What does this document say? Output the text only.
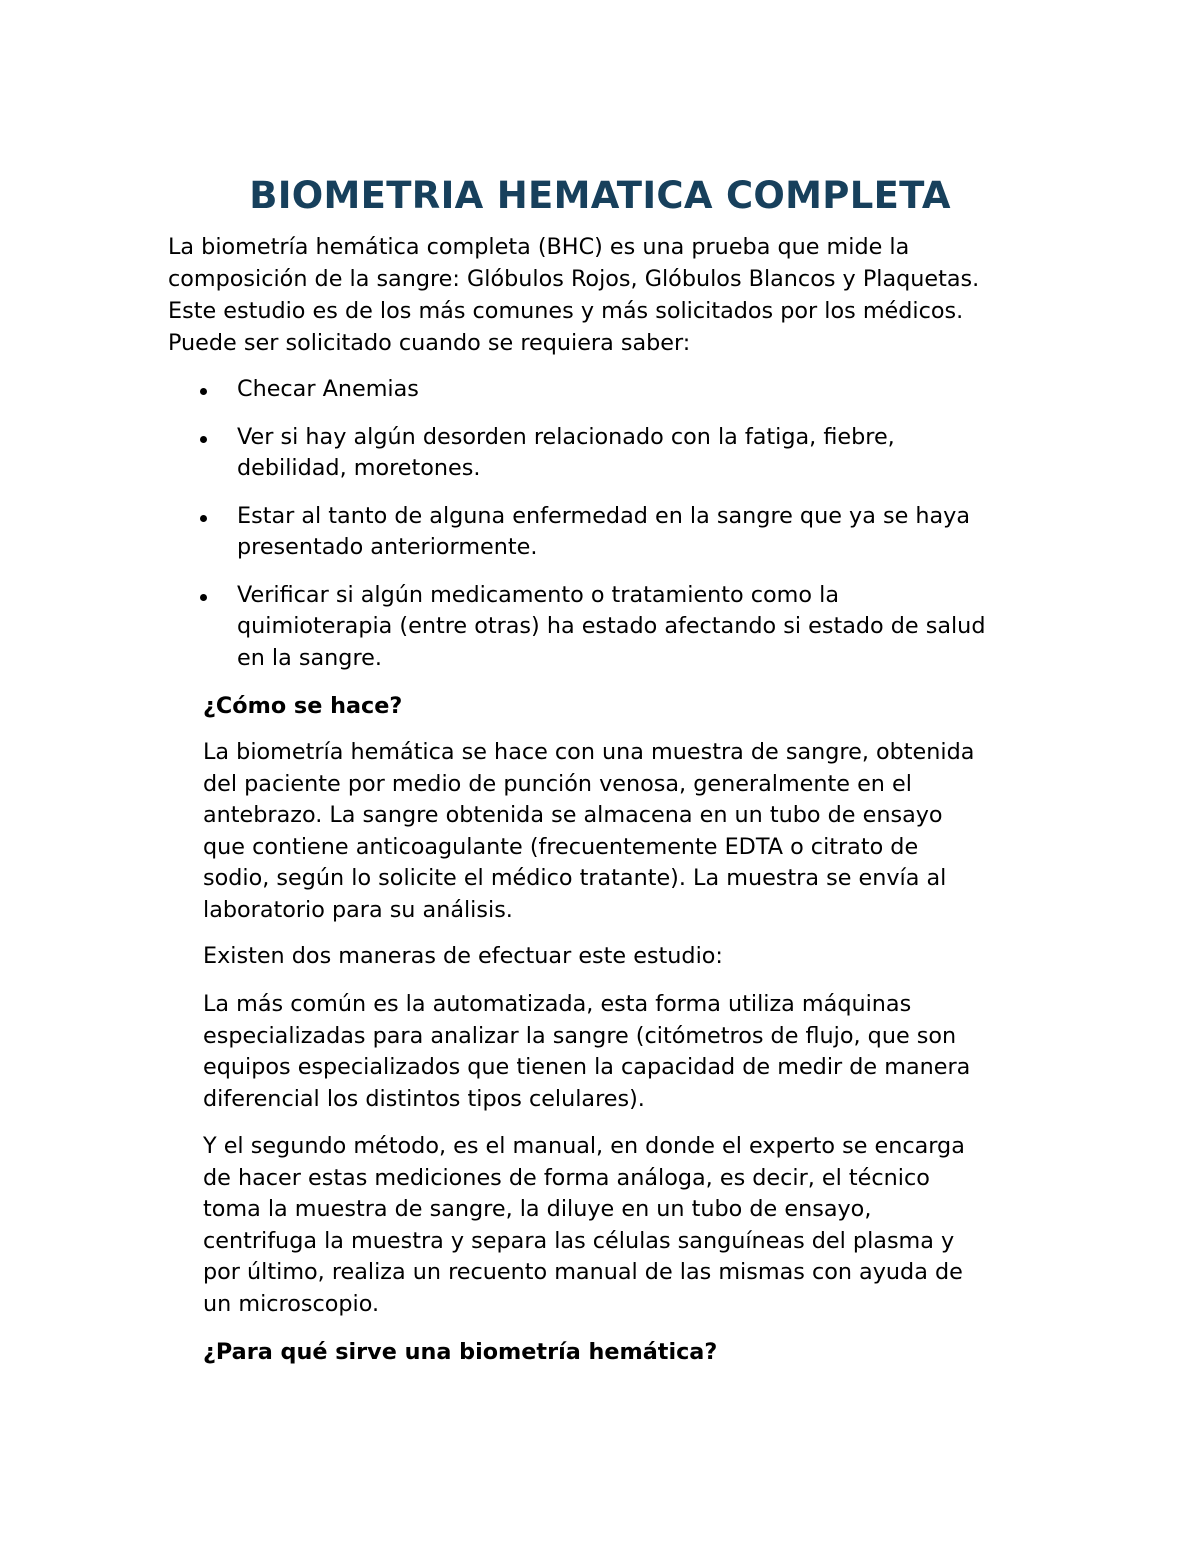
BIOMETRIA HEMATICA COMPLETA

La biometría hemática completa (BHC) es una prueba que mide la
composición de la sangre: Glóbulos Rojos, Glóbulos Blancos y Plaquetas.
Este estudio es de los más comunes y más solicitados por los médicos.
Puede ser solicitado cuando se requiera saber:

Checar Anemias
Ver si hay algún desorden relacionado con la fatiga, fiebre,
debilidad, moretones.
Estar al tanto de alguna enfermedad en la sangre que ya se haya
presentado anteriormente.
Verificar si algún medicamento o tratamiento como la
quimioterapia (entre otras) ha estado afectando si estado de salud
en la sangre.
¿Cómo se hace?

La biometría hemática se hace con una muestra de sangre, obtenida
del paciente por medio de punción venosa, generalmente en el
antebrazo. La sangre obtenida se almacena en un tubo de ensayo
que contiene anticoagulante (frecuentemente EDTA o citrato de
sodio, según lo solicite el médico tratante). La muestra se envía al
laboratorio para su análisis.

Existen dos maneras de efectuar este estudio:

La más común es la automatizada, esta forma utiliza máquinas
especializadas para analizar la sangre (citómetros de flujo, que son
equipos especializados que tienen la capacidad de medir de manera
diferencial los distintos tipos celulares).

Y el segundo método, es el manual, en donde el experto se encarga
de hacer estas mediciones de forma análoga, es decir, el técnico
toma la muestra de sangre, la diluye en un tubo de ensayo,
centrifuga la muestra y separa las células sanguíneas del plasma y
por último, realiza un recuento manual de las mismas con ayuda de
un microscopio.

¿Para qué sirve una biometría hemática?
